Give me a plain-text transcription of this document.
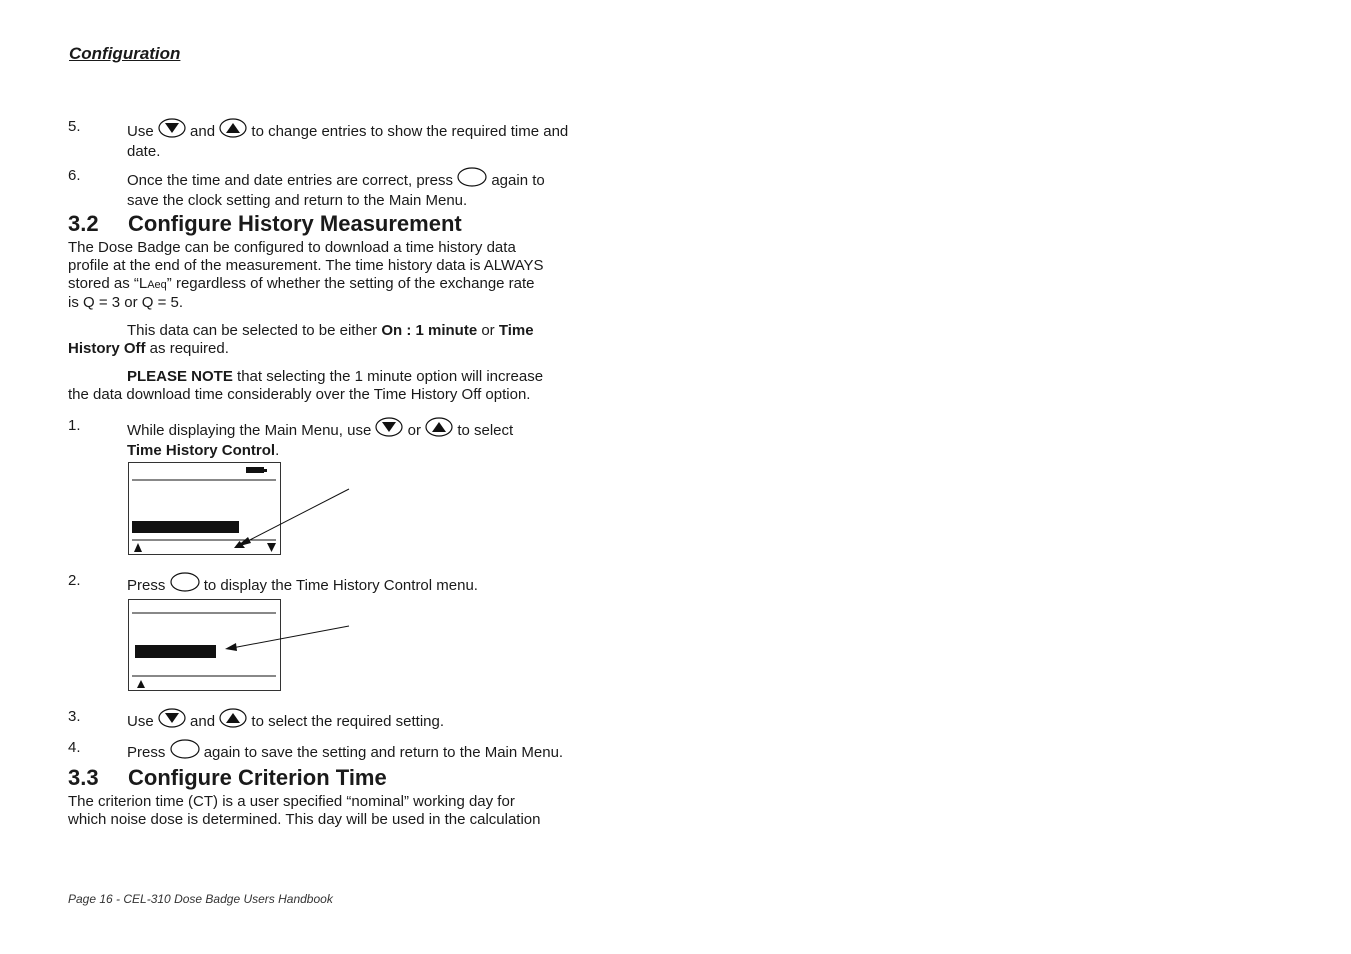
Configuration
5.	Use and to change entries to show the required time and
date.
6.	Once the time and date entries are correct, press	again to
save the clock setting and return to the Main Menu.
3.2 Configure History Measurement
The Dose Badge can be configured to download a time history data
profile at the end of the measurement. The time history data is ALWAYS
stored as “LAeq” regardless of whether the setting of the exchange rate
is Q = 3 or Q = 5.
This data can be selected to be either On : 1 minute or Time
History Off as required.
PLEASE NOTE that selecting the 1 minute option will increase
the data download time considerably over the Time History Off option.
1.	While displaying the Main Menu, use or to select
Time History Control.
2.	Press	to display the Time History Control menu.
3.	Use and to select the required setting.
4.	Press	again to save the setting and return to the Main Menu.
3.3 Configure Criterion Time
The criterion time (CT) is a user specified “nominal” working day for
which noise dose is determined. This day will be used in the calculation
Page 16 - CEL-310 Dose Badge Users Handbook
